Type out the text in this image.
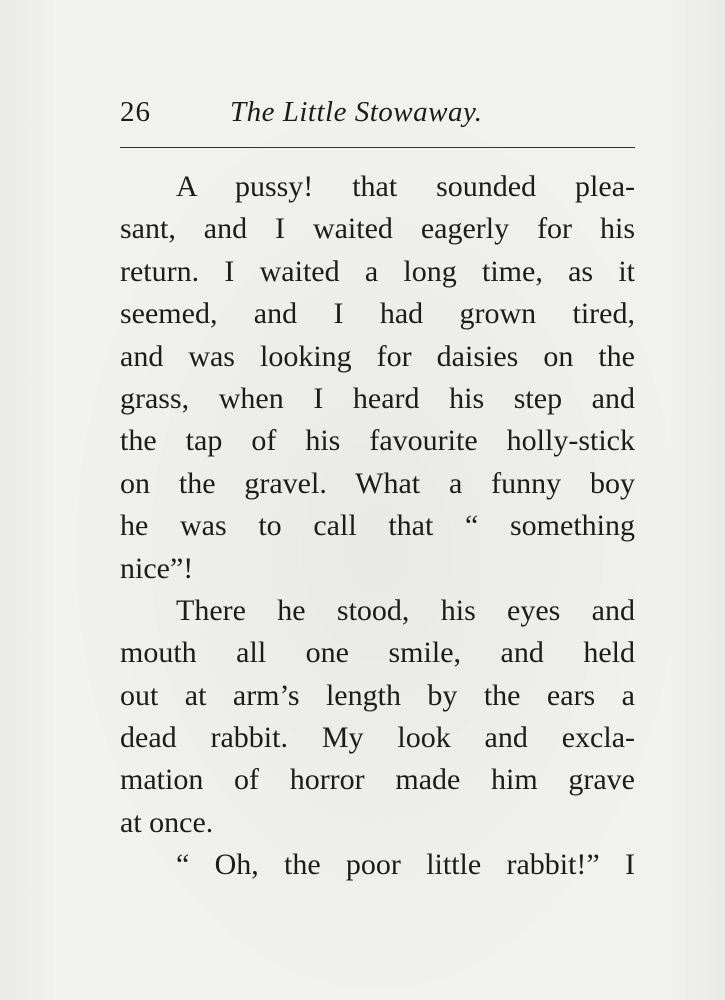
26	The Little Stowaway.
A pussy! that sounded plea-
sant, and I waited eagerly for his
return. I waited a long time, as it
seemed, and I had grown tired,
and was looking for daisies on the
grass, when I heard his step and
the tap of his favourite holly-stick
on the gravel. What a funny boy
he was to call that “ something
nice”!
There he stood, his eyes and
mouth all one smile, and held
out at arm’s length by the ears a
dead rabbit. My look and excla-
mation of horror made him grave
at once.
“ Oh, the poor little rabbit!” I
